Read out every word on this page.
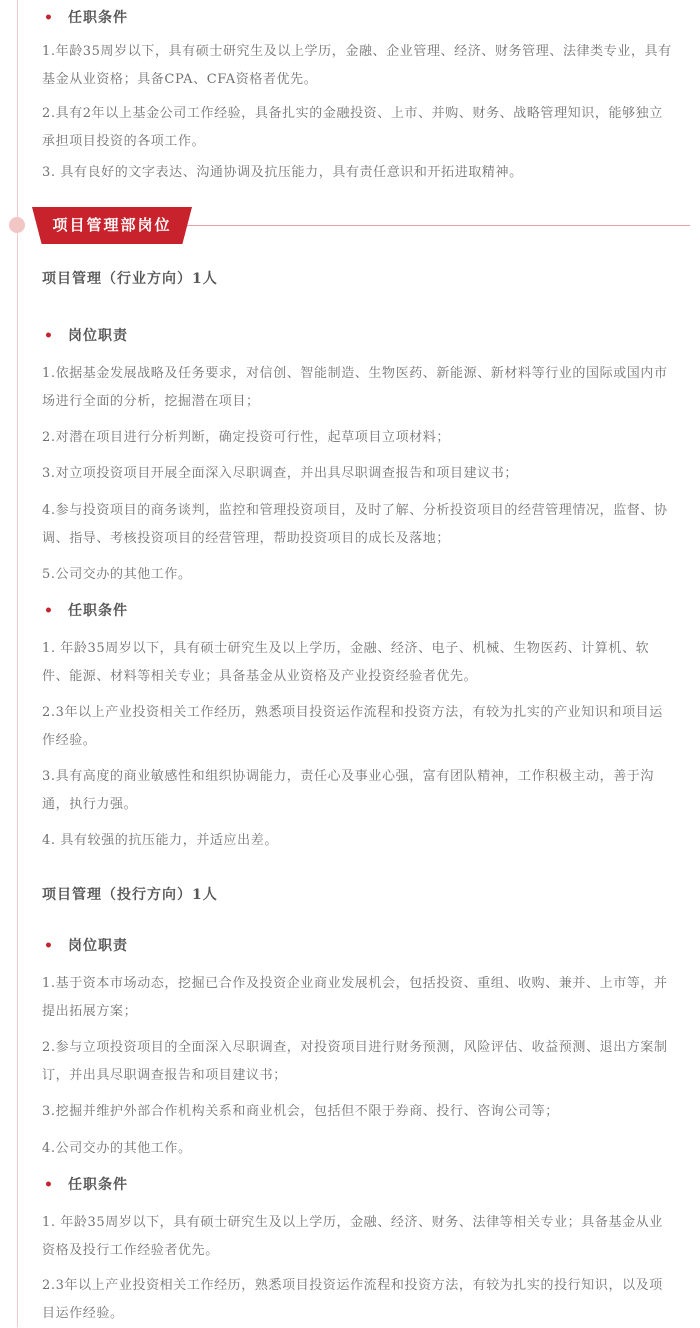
• 任职条件
1.年龄35周岁以下，具有硕士研究生及以上学历，金融、企业管理、经济、财务管理、法律类专业，具有基金从业资格；具备CPA、CFA资格者优先。
2.具有2年以上基金公司工作经验，具备扎实的金融投资、上市、并购、财务、战略管理知识，能够独立承担项目投资的各项工作。
3. 具有良好的文字表达、沟通协调及抗压能力，具有责任意识和开拓进取精神。
项目管理部岗位
项目管理（行业方向）1人
• 岗位职责
1.依据基金发展战略及任务要求，对信创、智能制造、生物医药、新能源、新材料等行业的国际或国内市场进行全面的分析，挖掘潜在项目；
2.对潜在项目进行分析判断，确定投资可行性，起草项目立项材料；
3.对立项投资项目开展全面深入尽职调查，并出具尽职调查报告和项目建议书；
4.参与投资项目的商务谈判，监控和管理投资项目，及时了解、分析投资项目的经营管理情况，监督、协调、指导、考核投资项目的经营管理，帮助投资项目的成长及落地；
5.公司交办的其他工作。
• 任职条件
1. 年龄35周岁以下，具有硕士研究生及以上学历，金融、经济、电子、机械、生物医药、计算机、软件、能源、材料等相关专业；具备基金从业资格及产业投资经验者优先。
2.3年以上产业投资相关工作经历，熟悉项目投资运作流程和投资方法，有较为扎实的产业知识和项目运作经验。
3.具有高度的商业敏感性和组织协调能力，责任心及事业心强，富有团队精神，工作积极主动，善于沟通，执行力强。
4. 具有较强的抗压能力，并适应出差。
项目管理（投行方向）1人
• 岗位职责
1.基于资本市场动态，挖掘已合作及投资企业商业发展机会，包括投资、重组、收购、兼并、上市等，并提出拓展方案；
2.参与立项投资项目的全面深入尽职调查，对投资项目进行财务预测，风险评估、收益预测、退出方案制订，并出具尽职调查报告和项目建议书；
3.挖掘并维护外部合作机构关系和商业机会，包括但不限于券商、投行、咨询公司等；
4.公司交办的其他工作。
• 任职条件
1. 年龄35周岁以下，具有硕士研究生及以上学历，金融、经济、财务、法律等相关专业；具备基金从业资格及投行工作经验者优先。
2.3年以上产业投资相关工作经历，熟悉项目投资运作流程和投资方法，有较为扎实的投行知识，以及项目运作经验。
